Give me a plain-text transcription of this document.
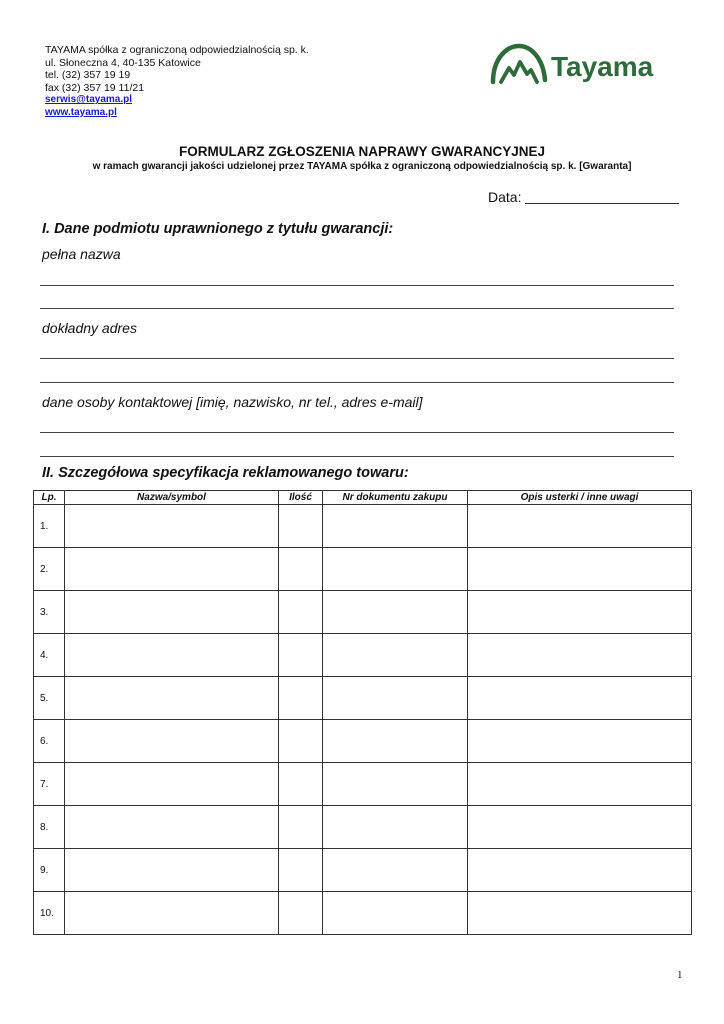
TAYAMA spółka z ograniczoną odpowiedzialnością sp. k.
ul. Słoneczna 4, 40-135 Katowice
tel. (32) 357 19 19
fax (32) 357 19 11/21
serwis@tayama.pl
www.tayama.pl
Tayama
FORMULARZ ZGŁOSZENIA NAPRAWY GWARANCYJNEJ
w ramach gwarancji jakości udzielonej przez TAYAMA spółka z ograniczoną odpowiedzialnością sp. k. [Gwaranta]
Data:
I. Dane podmiotu uprawnionego z tytułu gwarancji:
pełna nazwa
dokładny adres
dane osoby kontaktowej [imię, nazwisko, nr tel., adres e-mail]
II. Szczegółowa specyfikacja reklamowanego towaru:
Lp.	Nazwa/symbol	Ilość	Nr dokumentu zakupu	Opis usterki / inne uwagi
1.				
2.				
3.				
4.				
5.				
6.				
7.				
8.				
9.				
10.				
1
